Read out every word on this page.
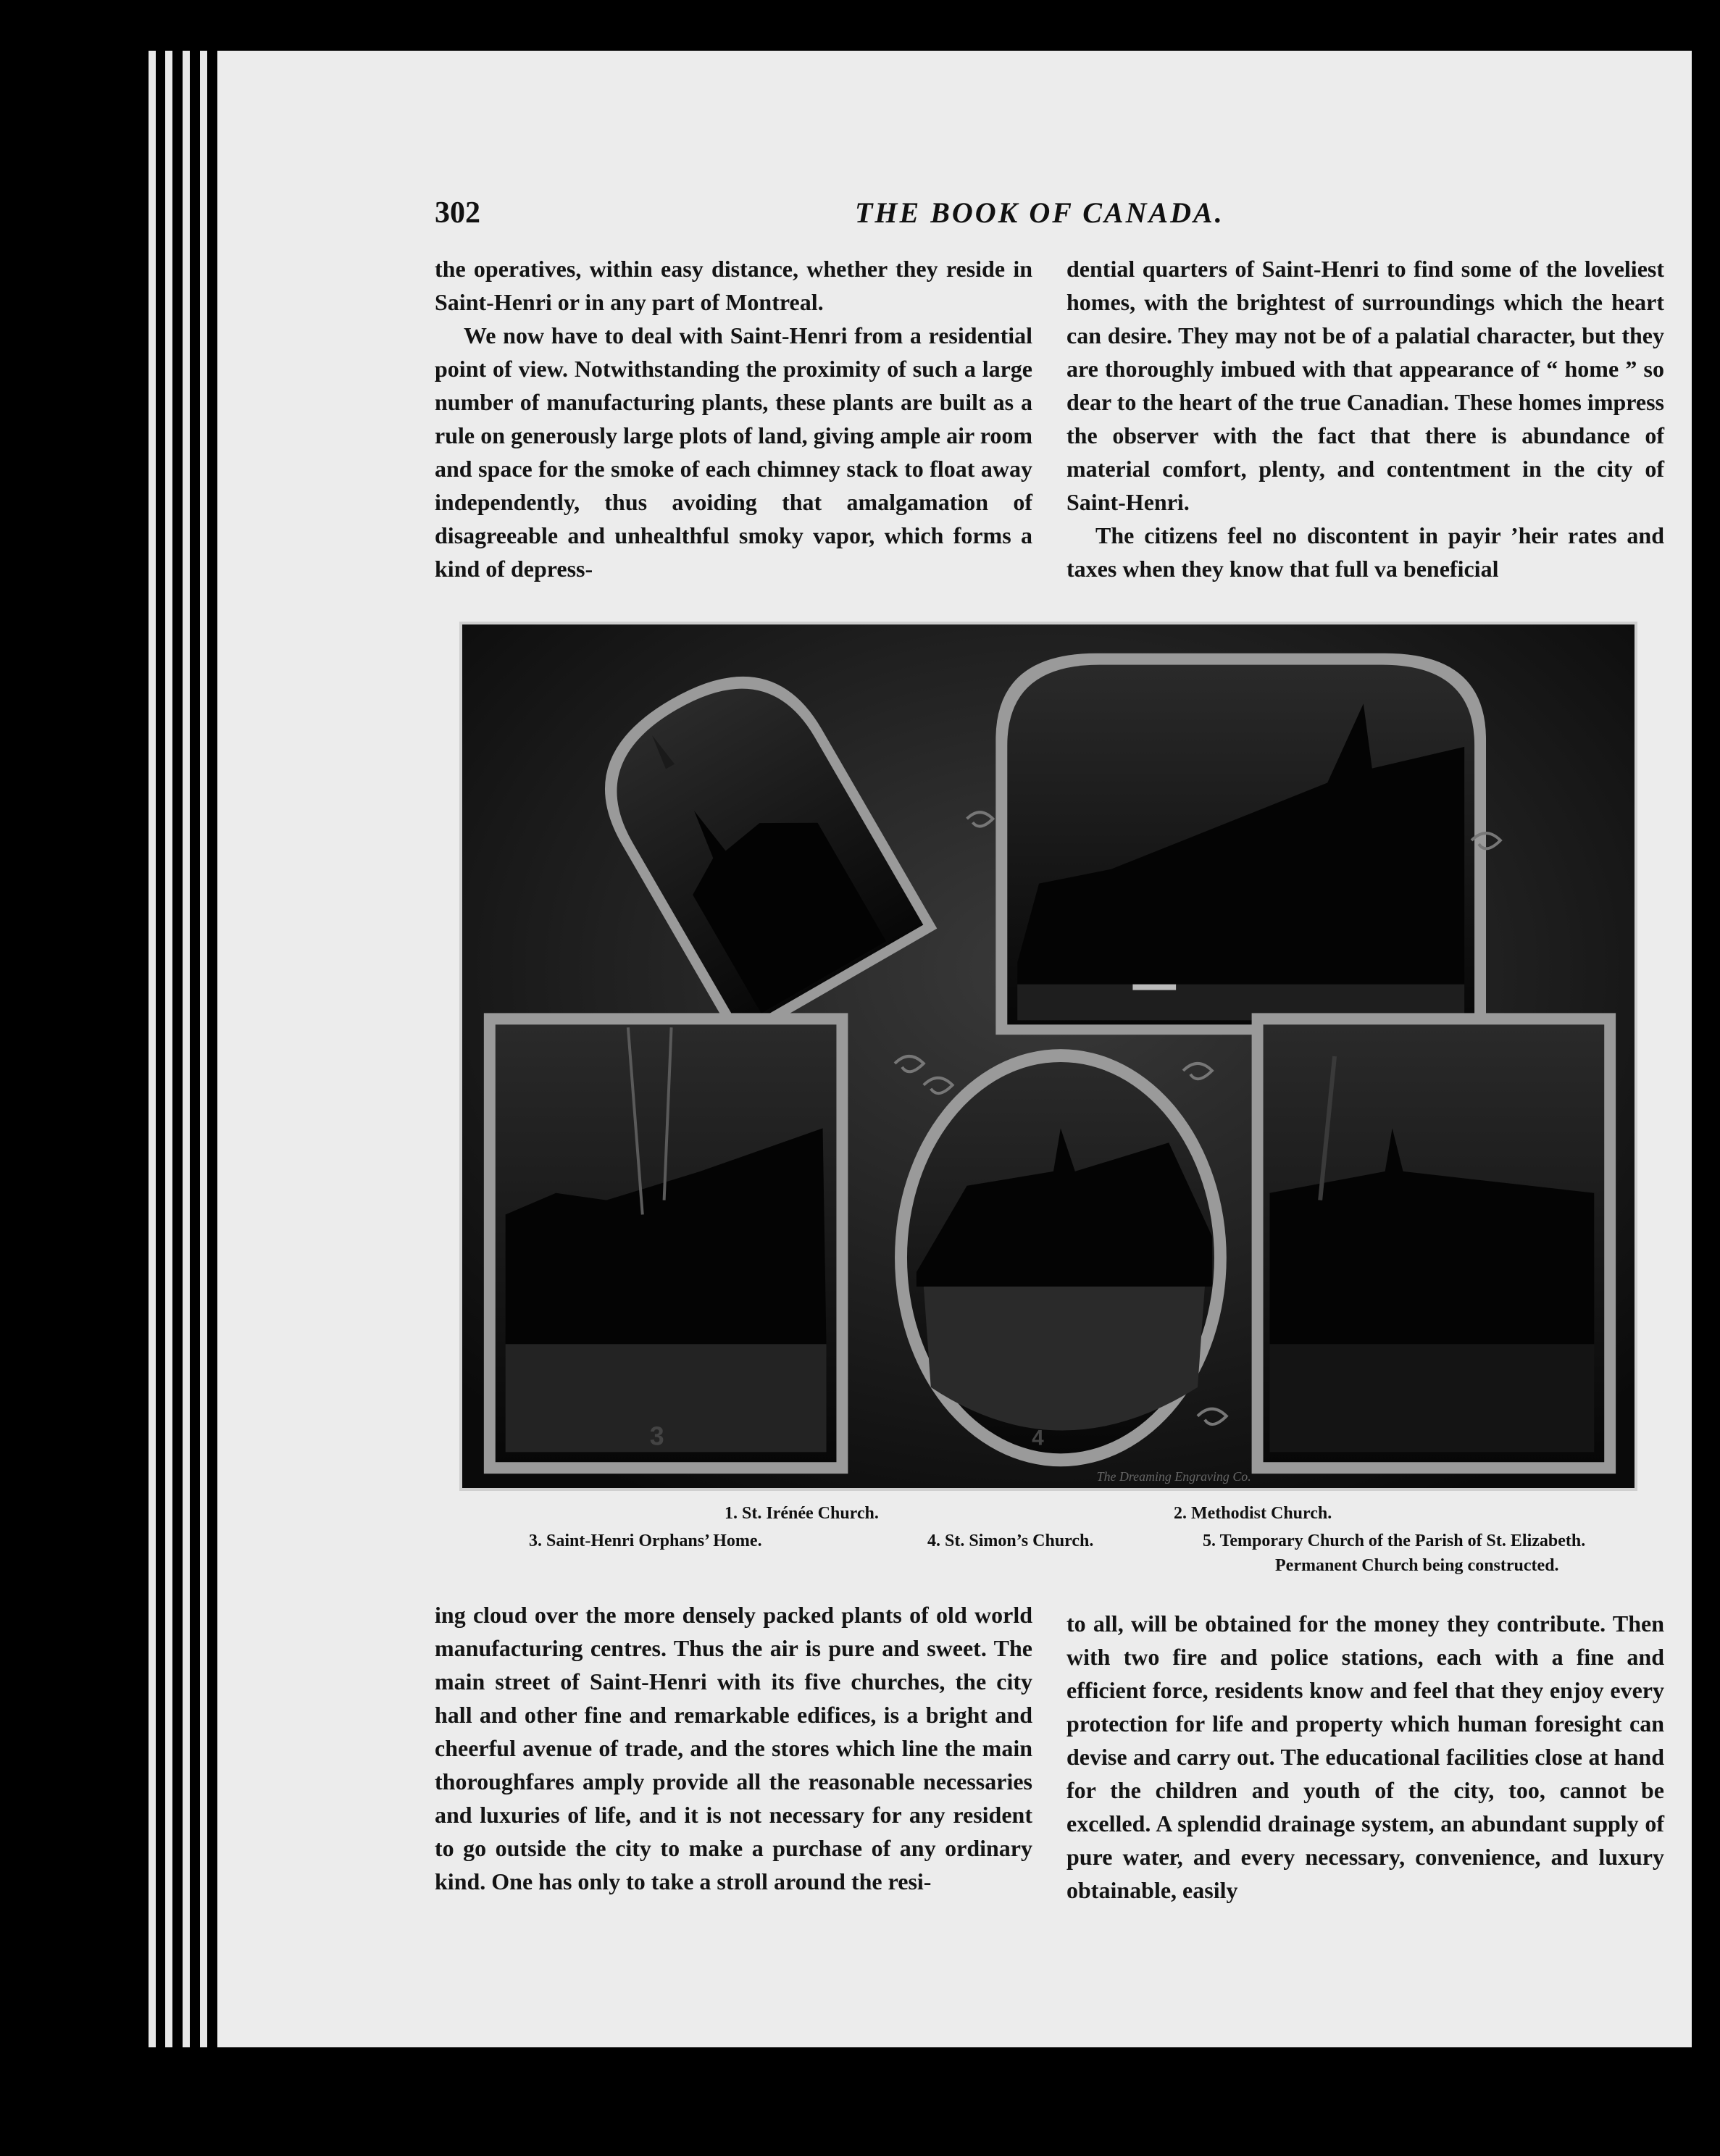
302	THE BOOK OF CANADA.

the operatives, within easy distance, whether they reside in Saint-Henri or in any part of Montreal.

We now have to deal with Saint-Henri from a residential point of view. Notwithstanding the proximity of such a large number of manufacturing plants, these plants are built as a rule on generously large plots of land, giving ample air room and space for the smoke of each chimney stack to float away independently, thus avoiding that amalgamation of disagreeable and unhealthful smoky vapor, which forms a kind of depress-

dential quarters of Saint-Henri to find some of the loveliest homes, with the brightest of surroundings which the heart can desire. They may not be of a palatial character, but they are thoroughly imbued with that appearance of “ home ” so dear to the heart of the true Canadian. These homes impress the observer with the fact that there is abundance of material comfort, plenty, and contentment in the city of Saint-Henri.

The citizens feel no discontent in payir ’heir rates and taxes when they know that full va beneficial

3	4
The Dreaming Engraving Co.
1. St. Irénée Church.	2. Methodist Church.
3. Saint-Henri Orphans’ Home.	4. St. Simon’s Church.	5. Temporary Church of the Parish of St. Elizabeth.
Permanent Church being constructed.

ing cloud over the more densely packed plants of old world manufacturing centres. Thus the air is pure and sweet. The main street of Saint-Henri with its five churches, the city hall and other fine and remarkable edifices, is a bright and cheerful avenue of trade, and the stores which line the main thoroughfares amply provide all the reasonable necessaries and luxuries of life, and it is not necessary for any resident to go outside the city to make a purchase of any ordinary kind. One has only to take a stroll around the resi-

to all, will be obtained for the money they contribute. Then with two fire and police stations, each with a fine and efficient force, residents know and feel that they enjoy every protection for life and property which human foresight can devise and carry out. The educational facilities close at hand for the children and youth of the city, too, cannot be excelled. A splendid drainage system, an abundant supply of pure water, and every necessary, convenience, and luxury obtainable, easily
